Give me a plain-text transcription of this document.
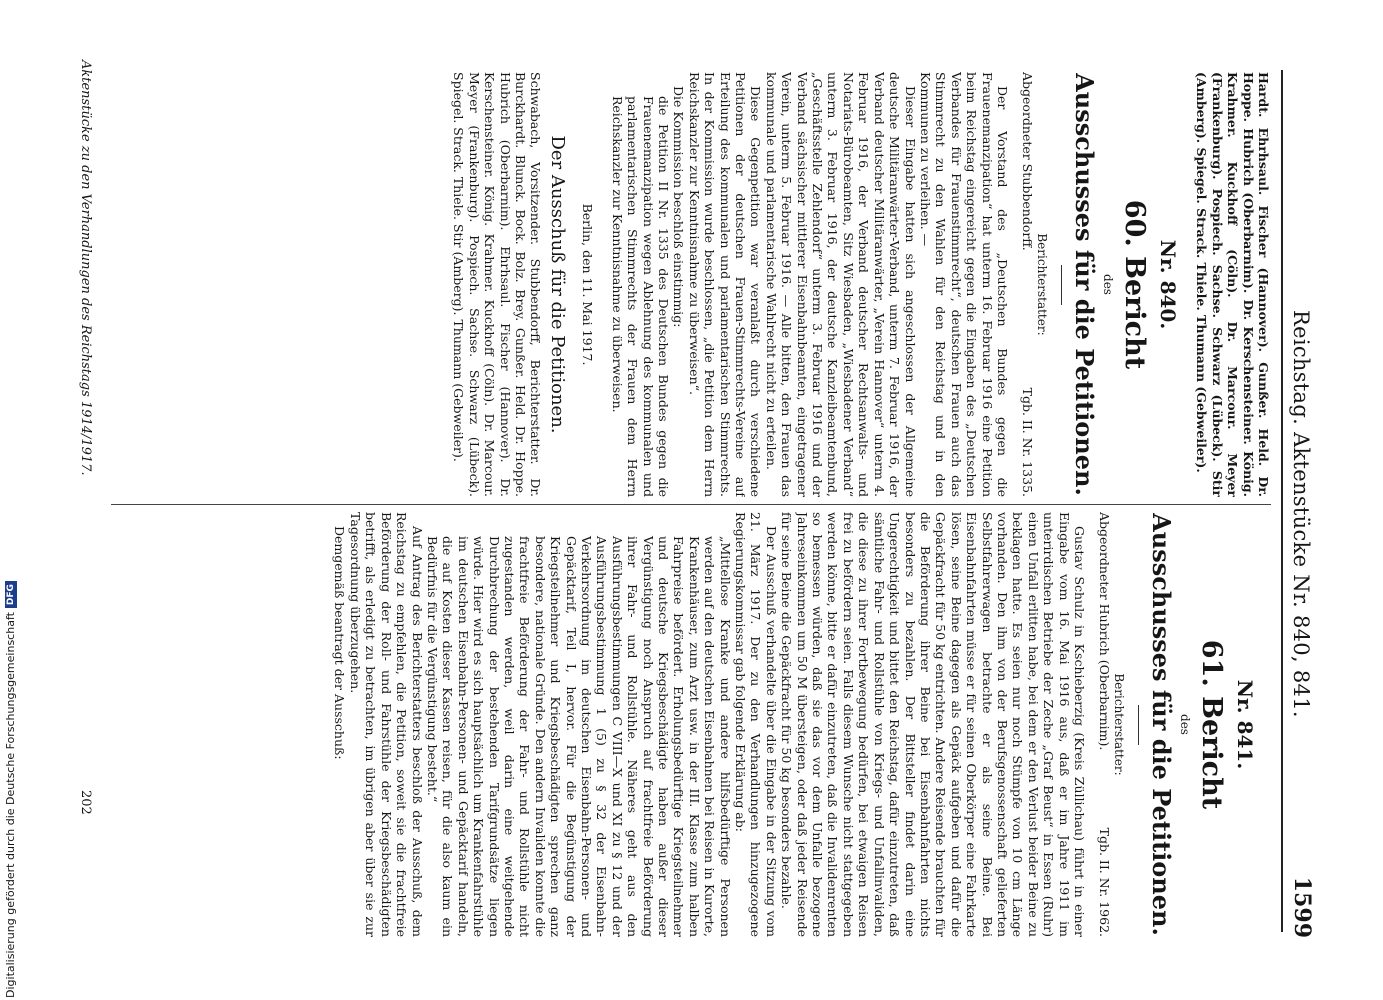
Reichstag. Aktenstücke Nr. 840, 841.
1599

Hardt. Ehrhsaul. Fischer (Hannover). Gunßer. Held. Dr. Hoppe. Hubrich (Oberbarnim). Dr. Kerschensteiner. König. Krahmer. Kuckhoff (Cöln). Dr. Marcour. Meyer (Frankenburg). Pospiech. Sachse. Schwarz (Lübeck). Stir (Amberg). Spiegel. Strack. Thiele. Thumann (Gebweiler).

Nr. 840.
60. Bericht
des
Ausschusses für die Petitionen.

Berichterstatter:

Abgeordneter Stubbendorff.
Tgb. II. Nr. 1335.

Der Vorstand des „Deutschen Bundes gegen die Frauenemanzipation“ hat unterm 16. Februar 1916 eine Petition beim Reichstag eingereicht gegen die Eingaben des „Deutschen Verbandes für Frauenstimmrecht“, deutschen Frauen auch das Stimmrecht zu den Wahlen für den Reichstag und in den Kommunen zu verleihen. —

Dieser Eingabe hatten sich angeschlossen der Allgemeine deutsche Militäranwärter-Verband, unterm 7. Februar 1916, der Verband deutscher Militäranwärter, „Verein Hannover“ unterm 4. Februar 1916, der Verband deutscher Rechtsanwalts- und Notariats-Bürobeamten, Sitz Wiesbaden, „Wiesbadener Verband“ unterm 3. Februar 1916, der deutsche Kanzleibeamtenbund, „Geschäftsstelle Zehlendorf“ unterm 3. Februar 1916 und der Verband sächsischer mittlerer Eisenbahnbeamten, eingetragener Verein, unterm 5. Februar 1916. — Alle bitten, den Frauen das kommunale und parlamentarische Wahlrecht nicht zu erteilen.

Diese Gegenpetition war veranlaßt durch verschiedene Petitionen der deutschen Frauen-Stimmrechts-Vereine auf Erteilung des kommunalen und parlamentarischen Stimmrechts. In der Kommission wurde beschlossen, „die Petition dem Herrn Reichskanzler zur Kenntnisnahme zu überweisen“.

Die Kommission beschloß einstimmig:

die Petition II Nr. 1335 des Deutschen Bundes gegen die Frauenemanzipation wegen Ablehnung des kommunalen und parlamentarischen Stimmrechts der Frauen dem Herrn Reichskanzler zur Kenntnisnahme zu überweisen.

Berlin, den 11. Mai 1917.

Der Ausschuß für die Petitionen.

Schwabach, Vorsitzender. Stubbendorff, Berichterstatter. Dr. Burckhardt. Blunck. Bock. Bolz. Brey. Gunßer. Held. Dr. Hoppe. Hubrich (Oberbarnim). Ehrhsaul. Fischer (Hannover). Dr. Kerschensteiner. König. Krahmer. Kuckhoff (Cöln). Dr. Marcour. Meyer (Frankenburg). Pospiech. Sachse. Schwarz (Lübeck). Spiegel. Strack. Thiele. Stir (Amberg). Thumann (Gebweiler).

Nr. 841.
61. Bericht
des
Ausschusses für die Petitionen.

Berichterstatter:

Abgeordneter Hubrich (Oberbarnim).
Tgb. II. Nr. 1962.

Gustav Schulz in Kschieberzig (Kreis Züllichau) führt in einer Eingabe vom 16. Mai 1916 aus, daß er im Jahre 1911 im unterirdischen Betriebe der Zeche „Graf Beust“ in Essen (Ruhr) einen Unfall erlitten habe, bei dem er den Verlust beider Beine zu beklagen hatte. Es seien nur noch Stümpfe von 10 cm Länge vorhanden. Den ihm von der Berufsgenossenschaft gelieferten Selbstfahrerwagen betrachte er als seine Beine. Bei Eisenbahnfahrten müsse er für seinen Oberkörper eine Fahrkarte lösen, seine Beine dagegen als Gepäck aufgeben und dafür die Gepäckfracht für 50 kg entrichten. Andere Reisende brauchten für die Beförderung ihrer Beine bei Eisenbahnfahrten nichts besonders zu bezahlen. Der Bittsteller findet darin eine Ungerechtigkeit und bittet den Reichstag, dafür einzutreten, daß sämtliche Fahr- und Rollstühle von Kriegs- und Unfallinvaliden, die diese zu ihrer Fortbewegung bedürfen, bei etwaigen Reisen frei zu befördern seien. Falls diesem Wunsche nicht stattgegeben werden könne, bitte er dafür einzutreten, daß die Invalidenrenten so bemessen würden, daß sie das vor dem Unfalle bezogene Jahreseinkommen um 50 M übersteigen, oder daß jeder Reisende für seine Beine die Gepäckfracht für 50 kg besonders bezahle.

Der Ausschuß verhandelte über die Eingabe in der Sitzung vom 21. März 1917. Der zu den Verhandlungen hinzugezogene Regierungskommissar gab folgende Erklärung ab:

„Mittellose Kranke und andere hilfsbedürftige Personen werden auf den deutschen Eisenbahnen bei Reisen in Kurorte, Krankenhäuser, zum Arzt usw. in der III. Klasse zum halben Fahrpreise befördert. Erholungsbedürftige Kriegsteilnehmer und deutsche Kriegsbeschädigte haben außer dieser Vergünstigung noch Anspruch auf frachtfreie Beförderung ihrer Fahr- und Rollstühle. Näheres geht aus den Ausführungsbestimmungen C VIII—X und XI zu § 12 und der Ausführungsbestimmung 1 (5) zu § 32 der Eisenbahn-Verkehrsordnung im deutschen Eisenbahn-Personen- und Gepäcktarif, Teil I, hervor. Für die Begünstigung der Kriegsteilnehmer und Kriegsbeschädigten sprechen ganz besondere, nationale Gründe. Den andern Invaliden konnte die frachtfreie Beförderung der Fahr- und Rollstühle nicht zugestanden werden, weil darin eine weitgehende Durchbrechung der bestehenden Tarifgrundsätze liegen würde. Hier wird es sich hauptsächlich um Krankenfahrstühle im deutschen Eisenbahn-Personen- und Gepäcktarif handeln, die auf Kosten dieser Kassen reisen, für die also kaum ein Bedürfnis für die Vergünstigung besteht.“

Auf Antrag des Berichterstatters beschloß der Ausschuß, dem Reichstag zu empfehlen, die Petition, soweit sie die frachtfreie Beförderung der Roll- und Fahrstühle der Kriegsbeschädigten betrifft, als erledigt zu betrachten, im übrigen aber über sie zur Tagesordnung überzugehen.

Demgemäß beantragt der Ausschuß:

Aktenstücke zu den Verhandlungen des Reichstags 1914/1917.
202
Digitalisierung gefördert durch die Deutsche Forschungsgemeinschaft
DFG
